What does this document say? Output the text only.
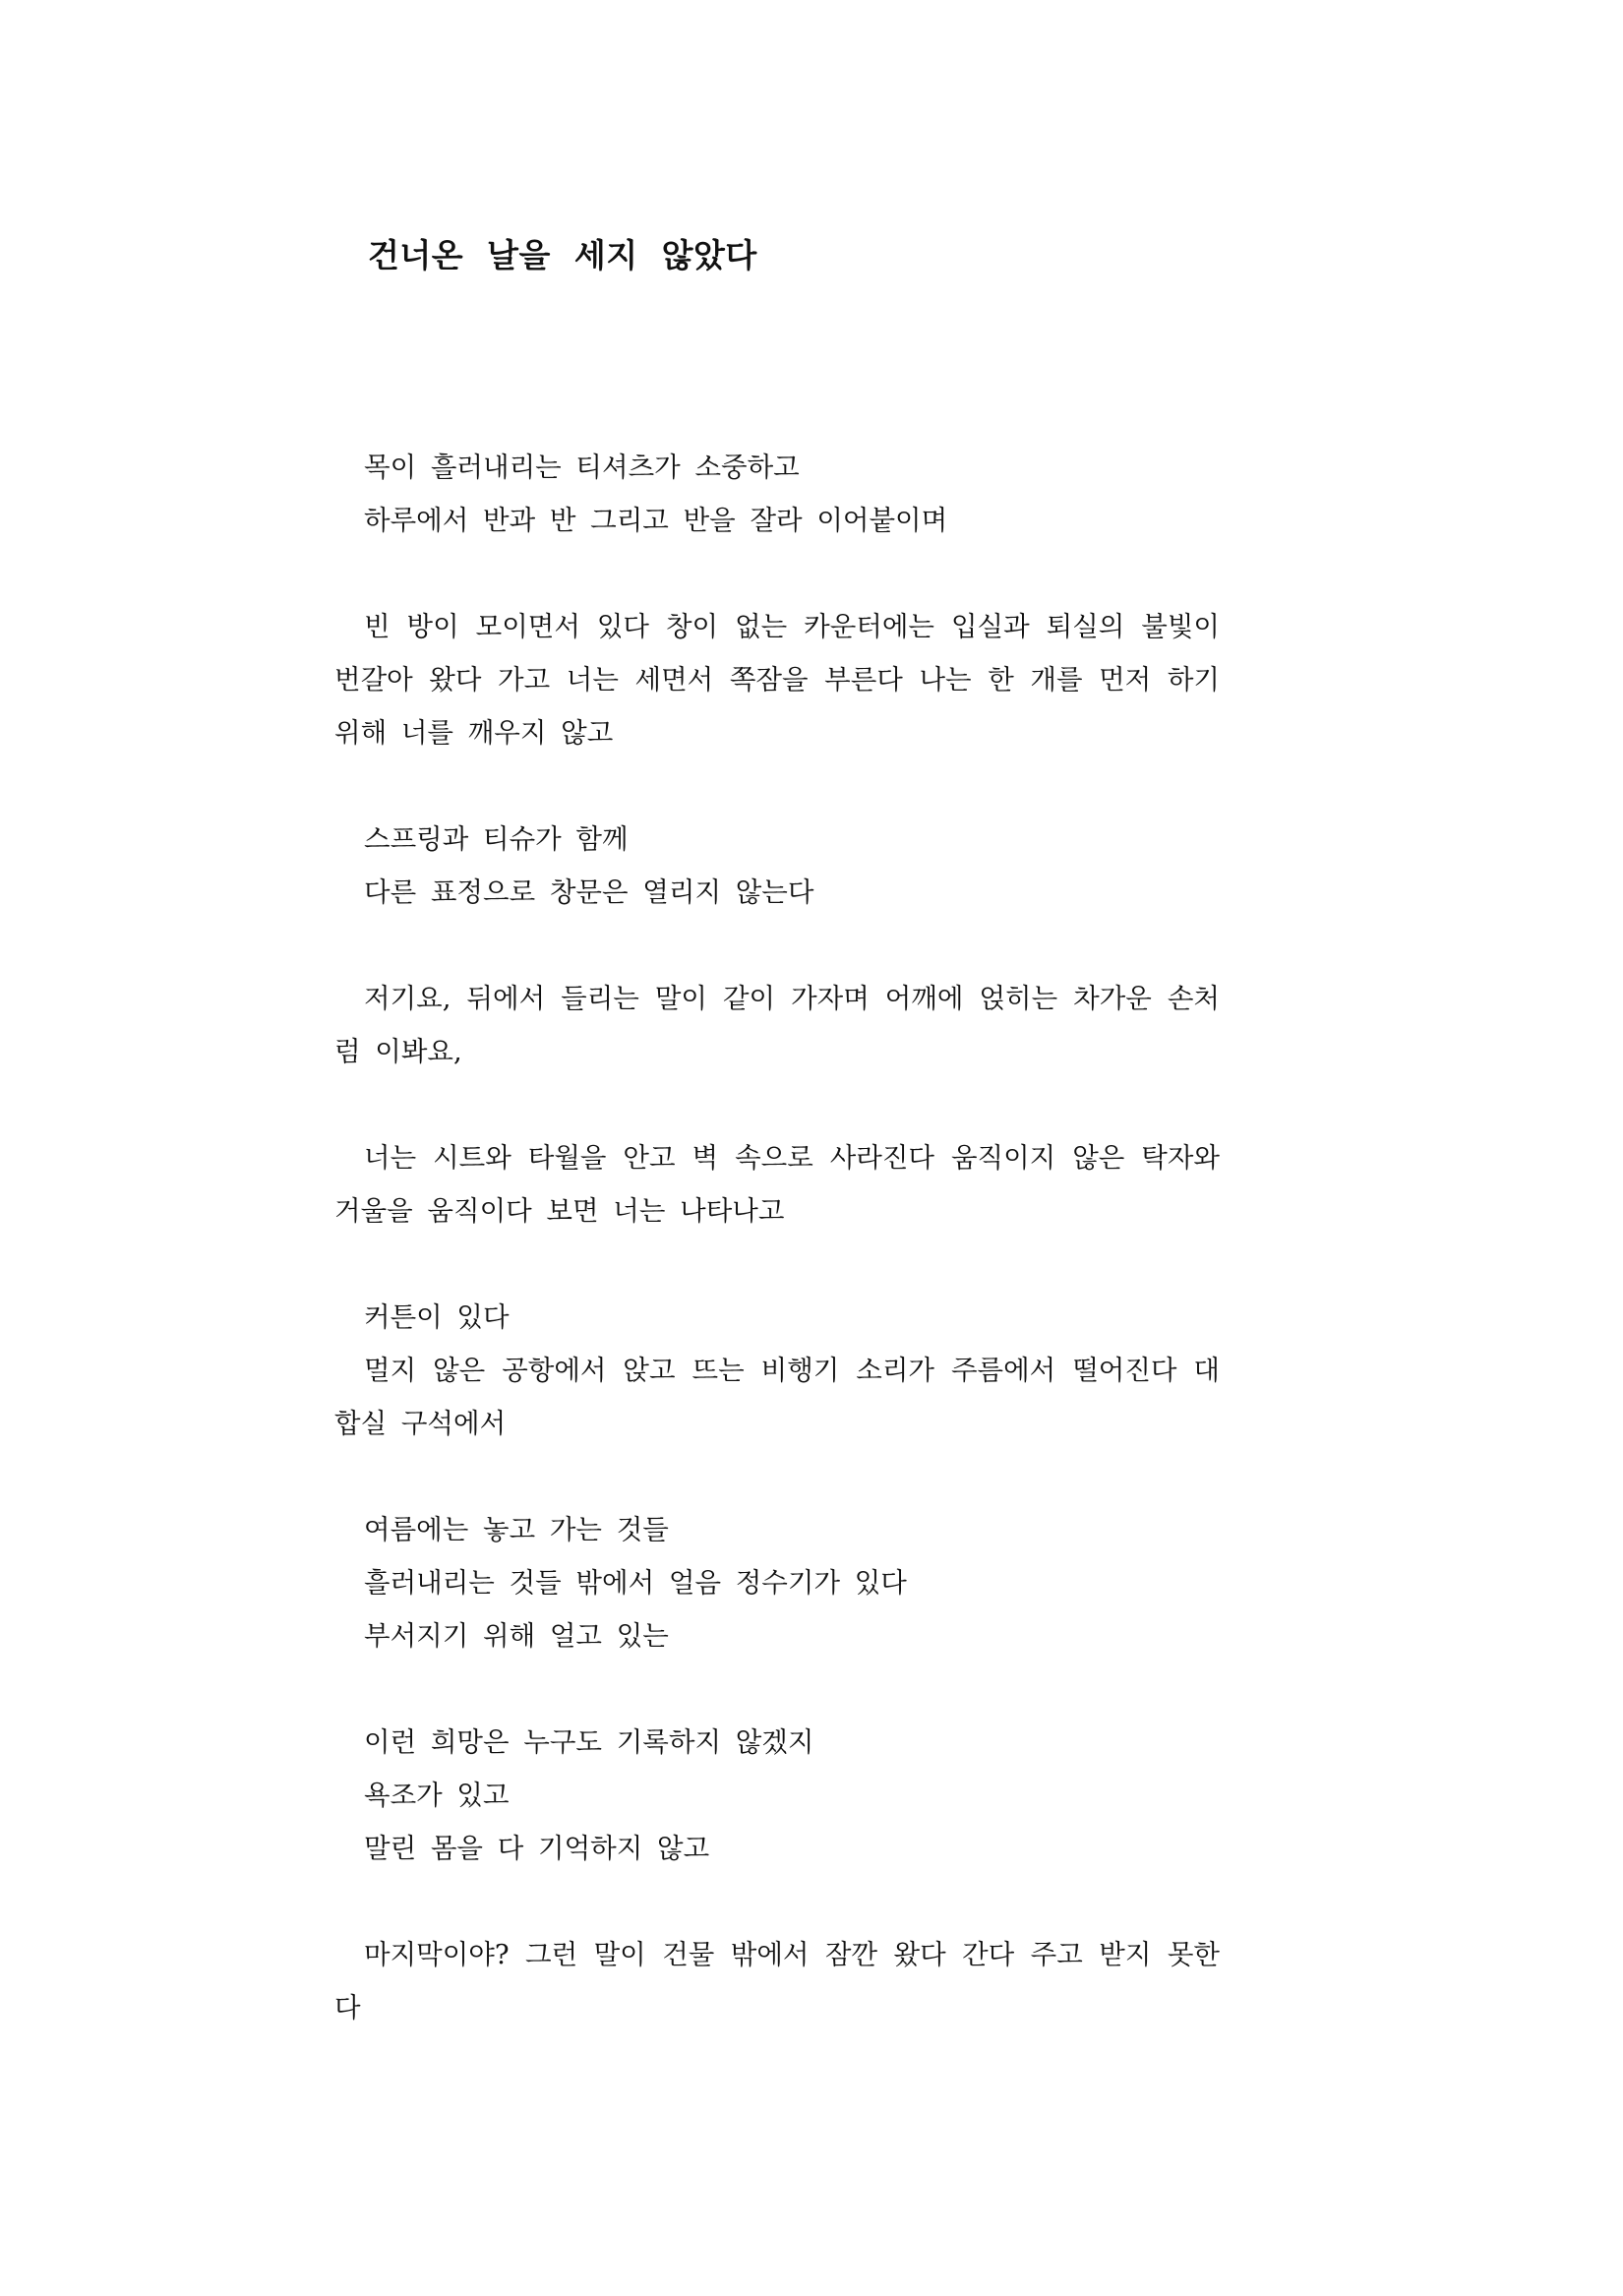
건너온 날을 세지 않았다
목이 흘러내리는 티셔츠가 소중하고
하루에서 반과 반 그리고 반을 잘라 이어붙이며
빈 방이 모이면서 있다 창이 없는 카운터에는 입실과 퇴실의 불빛이 번갈아 왔다 가고 너는 세면서 쪽잠을 부른다 나는 한 개를 먼저 하기 위해 너를 깨우지 않고
스프링과 티슈가 함께
다른 표정으로 창문은 열리지 않는다
저기요, 뒤에서 들리는 말이 같이 가자며 어깨에 얹히는 차가운 손처럼 이봐요,
너는 시트와 타월을 안고 벽 속으로 사라진다 움직이지 않은 탁자와 거울을 움직이다 보면 너는 나타나고
커튼이 있다
멀지 않은 공항에서 앉고 뜨는 비행기 소리가 주름에서 떨어진다 대합실 구석에서
여름에는 놓고 가는 것들
흘러내리는 것들 밖에서 얼음 정수기가 있다
부서지기 위해 얼고 있는
이런 희망은 누구도 기록하지 않겠지
욕조가 있고
말린 몸을 다 기억하지 않고
마지막이야? 그런 말이 건물 밖에서 잠깐 왔다 간다 주고 받지 못한다
